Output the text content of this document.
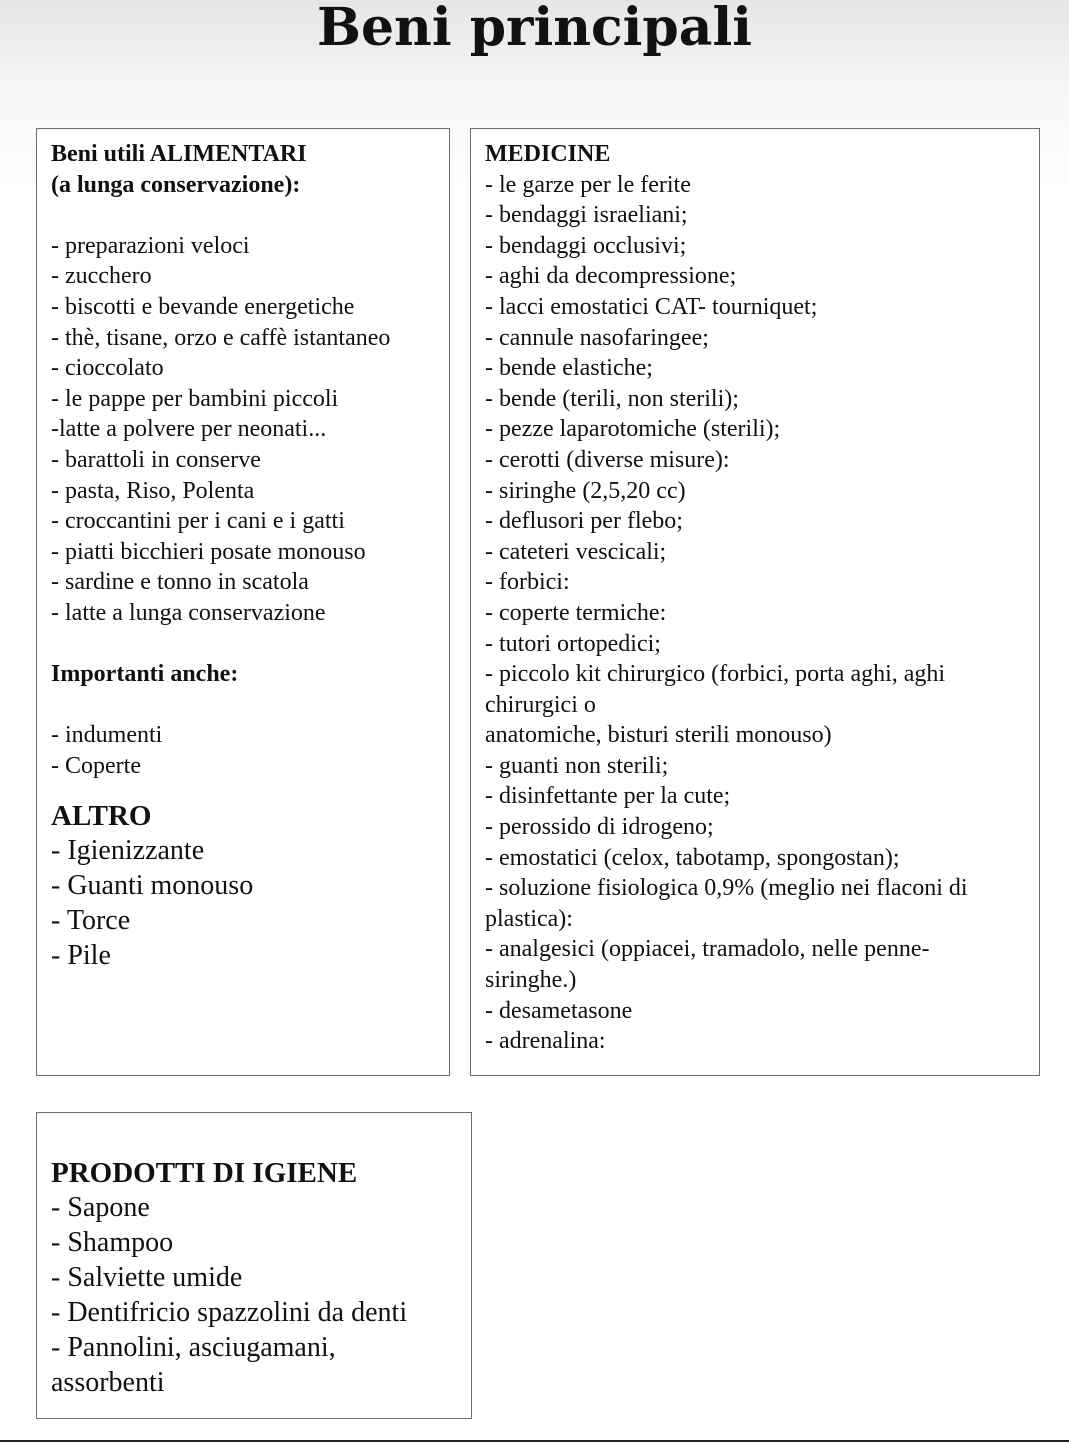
Beni principali
Beni utili ALIMENTARI
(a lunga conservazione):
- preparazioni veloci
- zucchero
- biscotti e bevande energetiche
- thè, tisane, orzo e caffè istantaneo
- cioccolato
- le pappe per bambini piccoli
-latte a polvere per neonati...
- barattoli in conserve
- pasta, Riso, Polenta
- croccantini per i cani e i gatti
- piatti bicchieri posate monouso
- sardine e tonno in scatola
- latte a lunga conservazione
Importanti anche:
- indumenti
- Coperte
ALTRO
- Igienizzante
- Guanti monouso
- Torce
- Pile
MEDICINE
- le garze per le ferite
- bendaggi israeliani;
- bendaggi occlusivi;
- aghi da decompressione;
- lacci emostatici CAT- tourniquet;
- cannule nasofaringee;
- bende elastiche;
- bende (terili, non sterili);
- pezze laparotomiche (sterili);
- cerotti (diverse misure):
- siringhe (2,5,20 cc)
- deflusori per flebo;
- cateteri vescicali;
- forbici:
- coperte termiche:
- tutori ortopedici;
- piccolo kit chirurgico (forbici, porta aghi, aghi
chirurgici o
anatomiche, bisturi sterili monouso)
- guanti non sterili;
- disinfettante per la cute;
- perossido di idrogeno;
- emostatici (celox, tabotamp, spongostan);
- soluzione fisiologica 0,9% (meglio nei flaconi di
plastica):
- analgesici (oppiacei, tramadolo, nelle penne-
siringhe.)
- desametasone
- adrenalina:
PRODOTTI DI IGIENE
- Sapone
- Shampoo
- Salviette umide
- Dentifricio spazzolini da denti
- Pannolini, asciugamani,
assorbenti
